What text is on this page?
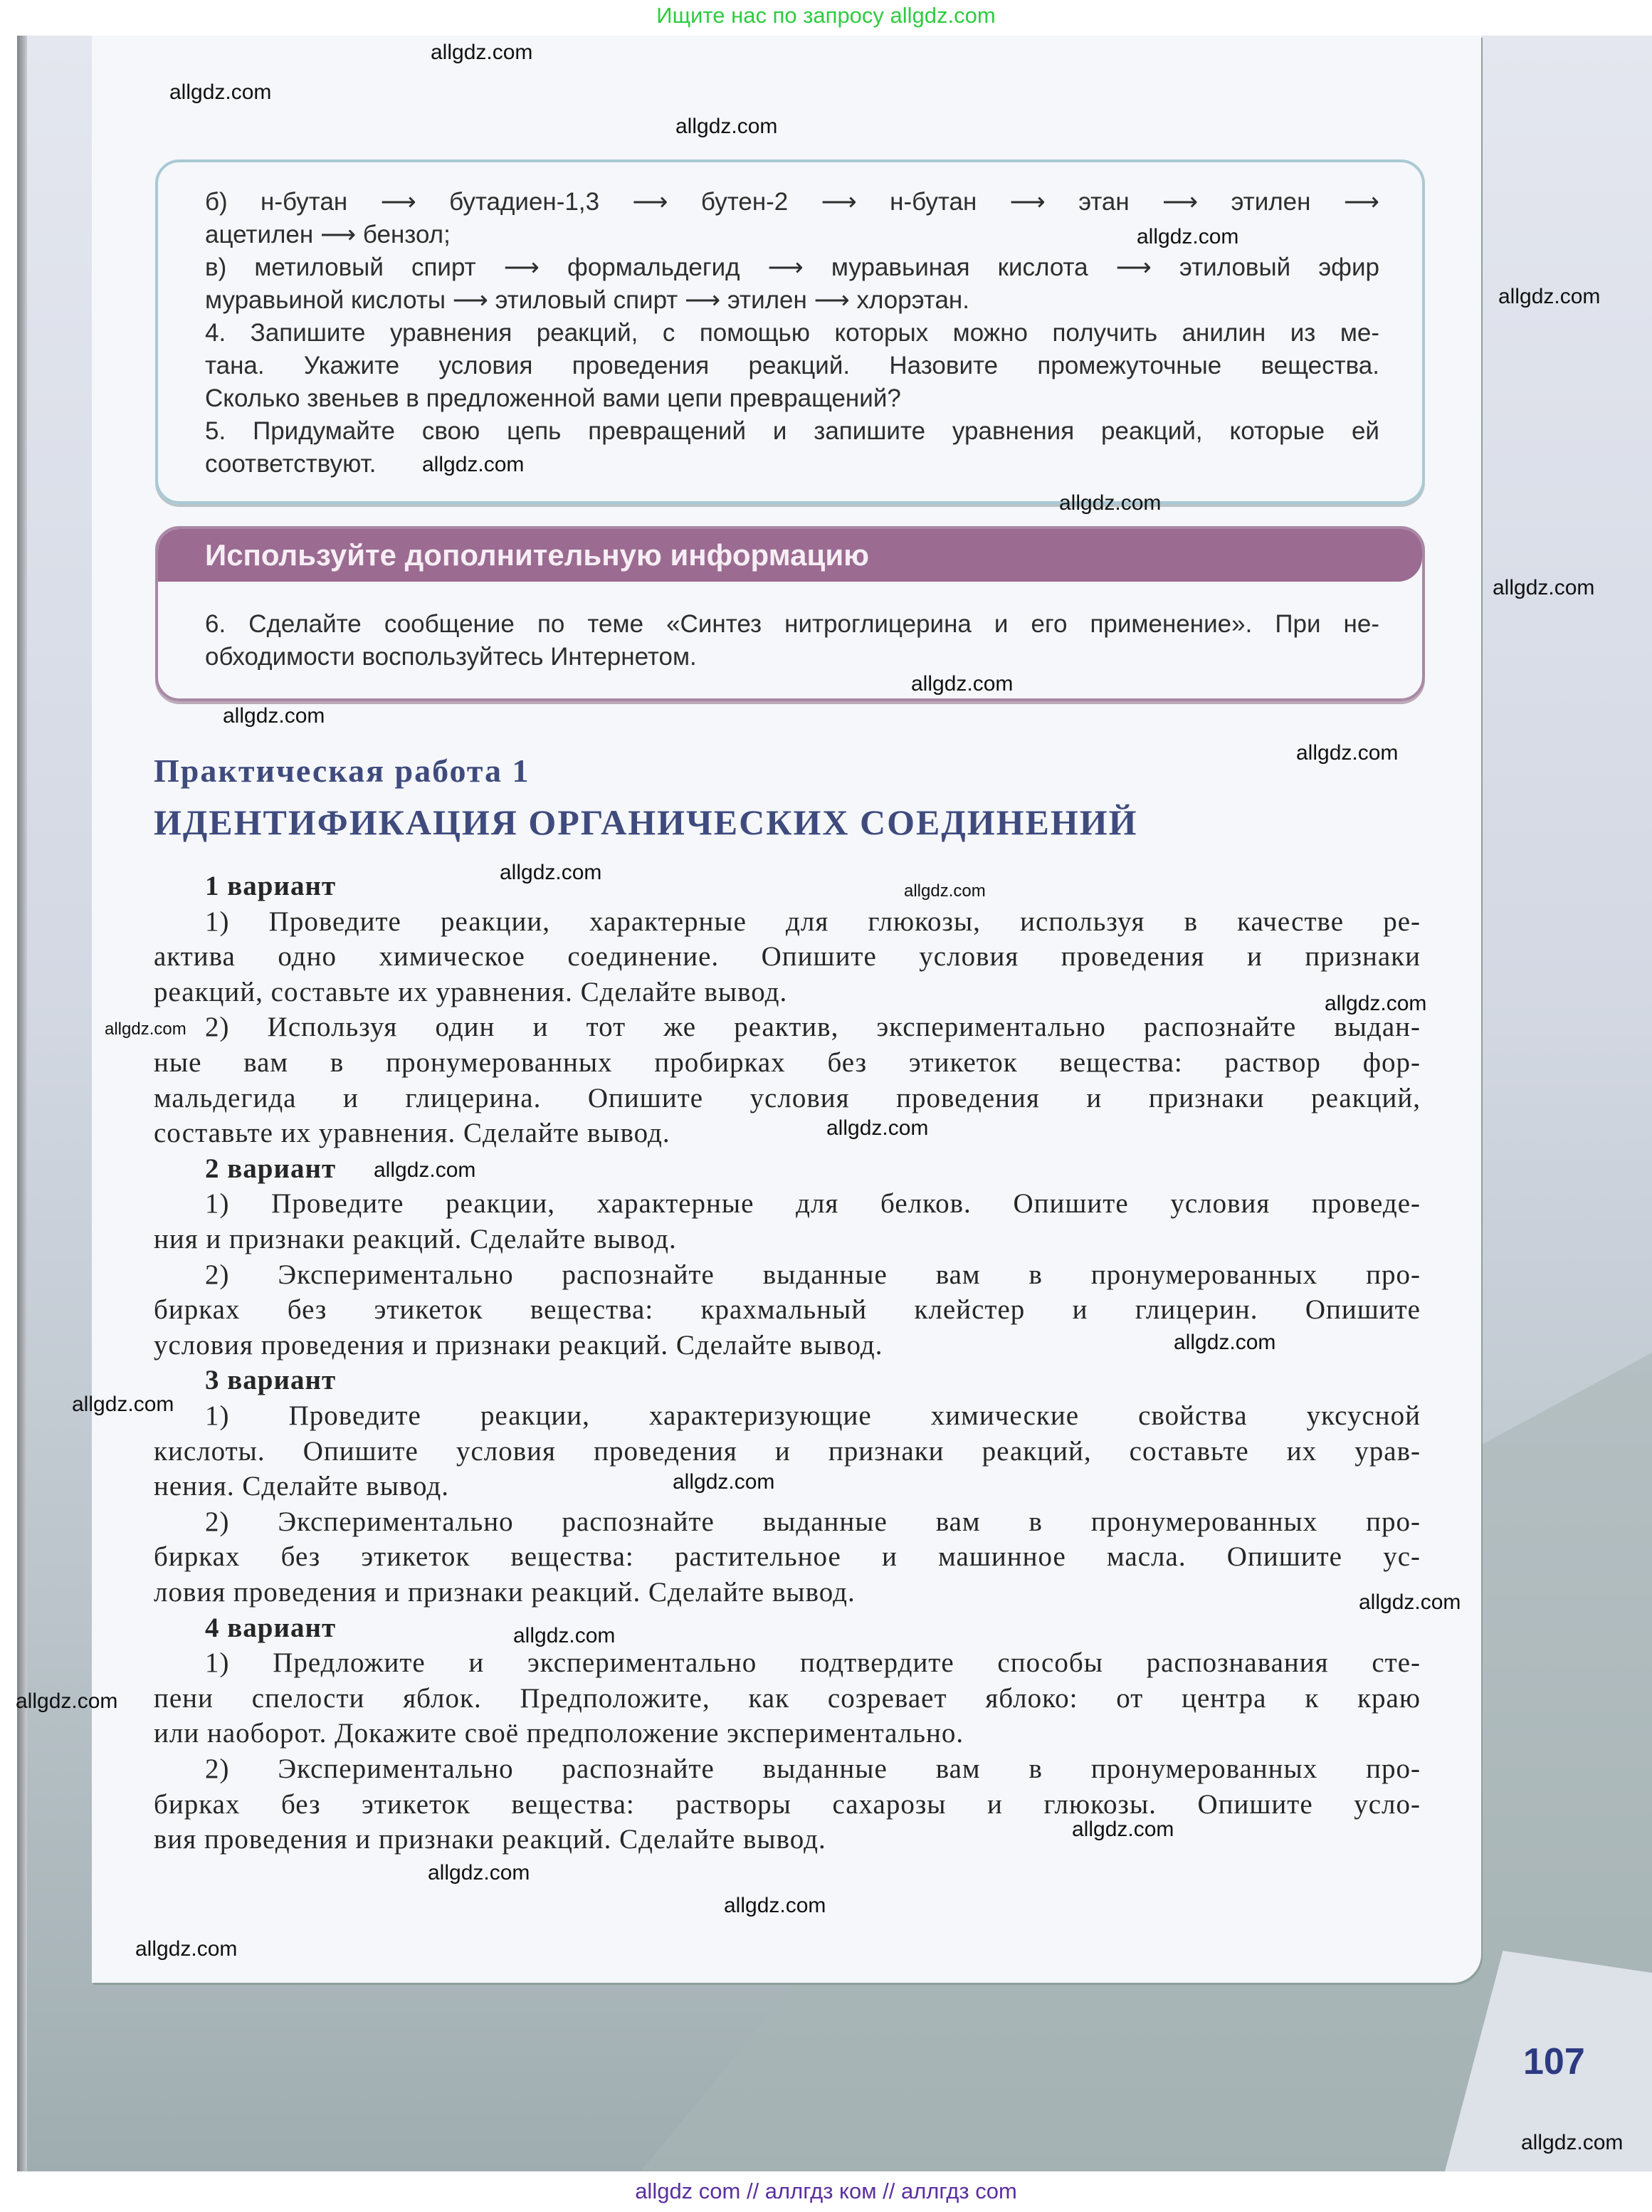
Ищите нас по запросу allgdz.com
107
б) н-бутан ⟶ бутадиен-1,3 ⟶ бутен-2 ⟶ н-бутан ⟶ этан ⟶ этилен ⟶
ацетилен ⟶ бензол;
в) метиловый спирт ⟶ формальдегид ⟶ муравьиная кислота ⟶ этиловый эфир
муравьиной кислоты ⟶ этиловый спирт ⟶ этилен ⟶ хлорэтан.
4. Запишите уравнения реакций, с помощью которых можно получить анилин из ме-
тана. Укажите условия проведения реакций. Назовите промежуточные вещества.
Сколько звеньев в предложенной вами цепи превращений?
5. Придумайте свою цепь превращений и запишите уравнения реакций, которые ей
соответствуют.
Используйте дополнительную информацию
6. Сделайте сообщение по теме «Синтез нитроглицерина и его применение». При не-
обходимости воспользуйтесь Интернетом.
Практическая работа 1
ИДЕНТИФИКАЦИЯ ОРГАНИЧЕСКИХ СОЕДИНЕНИЙ
1 вариант
1) Проведите реакции, характерные для глюкозы, используя в качестве ре-
актива одно химическое соединение. Опишите условия проведения и признаки
реакций, составьте их уравнения. Сделайте вывод.
2) Используя один и тот же реактив, экспериментально распознайте выдан-
ные вам в пронумерованных пробирках без этикеток вещества: раствор фор-
мальдегида и глицерина. Опишите условия проведения и признаки реакций,
составьте их уравнения. Сделайте вывод.
2 вариант
1) Проведите реакции, характерные для белков. Опишите условия проведе-
ния и признаки реакций. Сделайте вывод.
2) Экспериментально распознайте выданные вам в пронумерованных про-
бирках без этикеток вещества: крахмальный клейстер и глицерин. Опишите
условия проведения и признаки реакций. Сделайте вывод.
3 вариант
1) Проведите реакции, характеризующие химические свойства уксусной
кислоты. Опишите условия проведения и признаки реакций, составьте их урав-
нения. Сделайте вывод.
2) Экспериментально распознайте выданные вам в пронумерованных про-
бирках без этикеток вещества: растительное и машинное масла. Опишите ус-
ловия проведения и признаки реакций. Сделайте вывод.
4 вариант
1) Предложите и экспериментально подтвердите способы распознавания сте-
пени спелости яблок. Предположите, как созревает яблоко: от центра к краю
или наоборот. Докажите своё предположение экспериментально.
2) Экспериментально распознайте выданные вам в пронумерованных про-
бирках без этикеток вещества: растворы сахарозы и глюкозы. Опишите усло-
вия проведения и признаки реакций. Сделайте вывод.
allgdz.com
allgdz.com
allgdz.com
allgdz.com
allgdz.com
allgdz.com
allgdz.com
allgdz.com
allgdz.com
allgdz.com
allgdz.com
allgdz.com
allgdz.com
allgdz.com
allgdz.com
allgdz.com
allgdz.com
allgdz.com
allgdz.com
allgdz.com
allgdz.com
allgdz.com
allgdz.com
allgdz.com
allgdz.com
allgdz.com
allgdz.com
allgdz.com
allgdz com // аллгдз ком // аллгдз com
